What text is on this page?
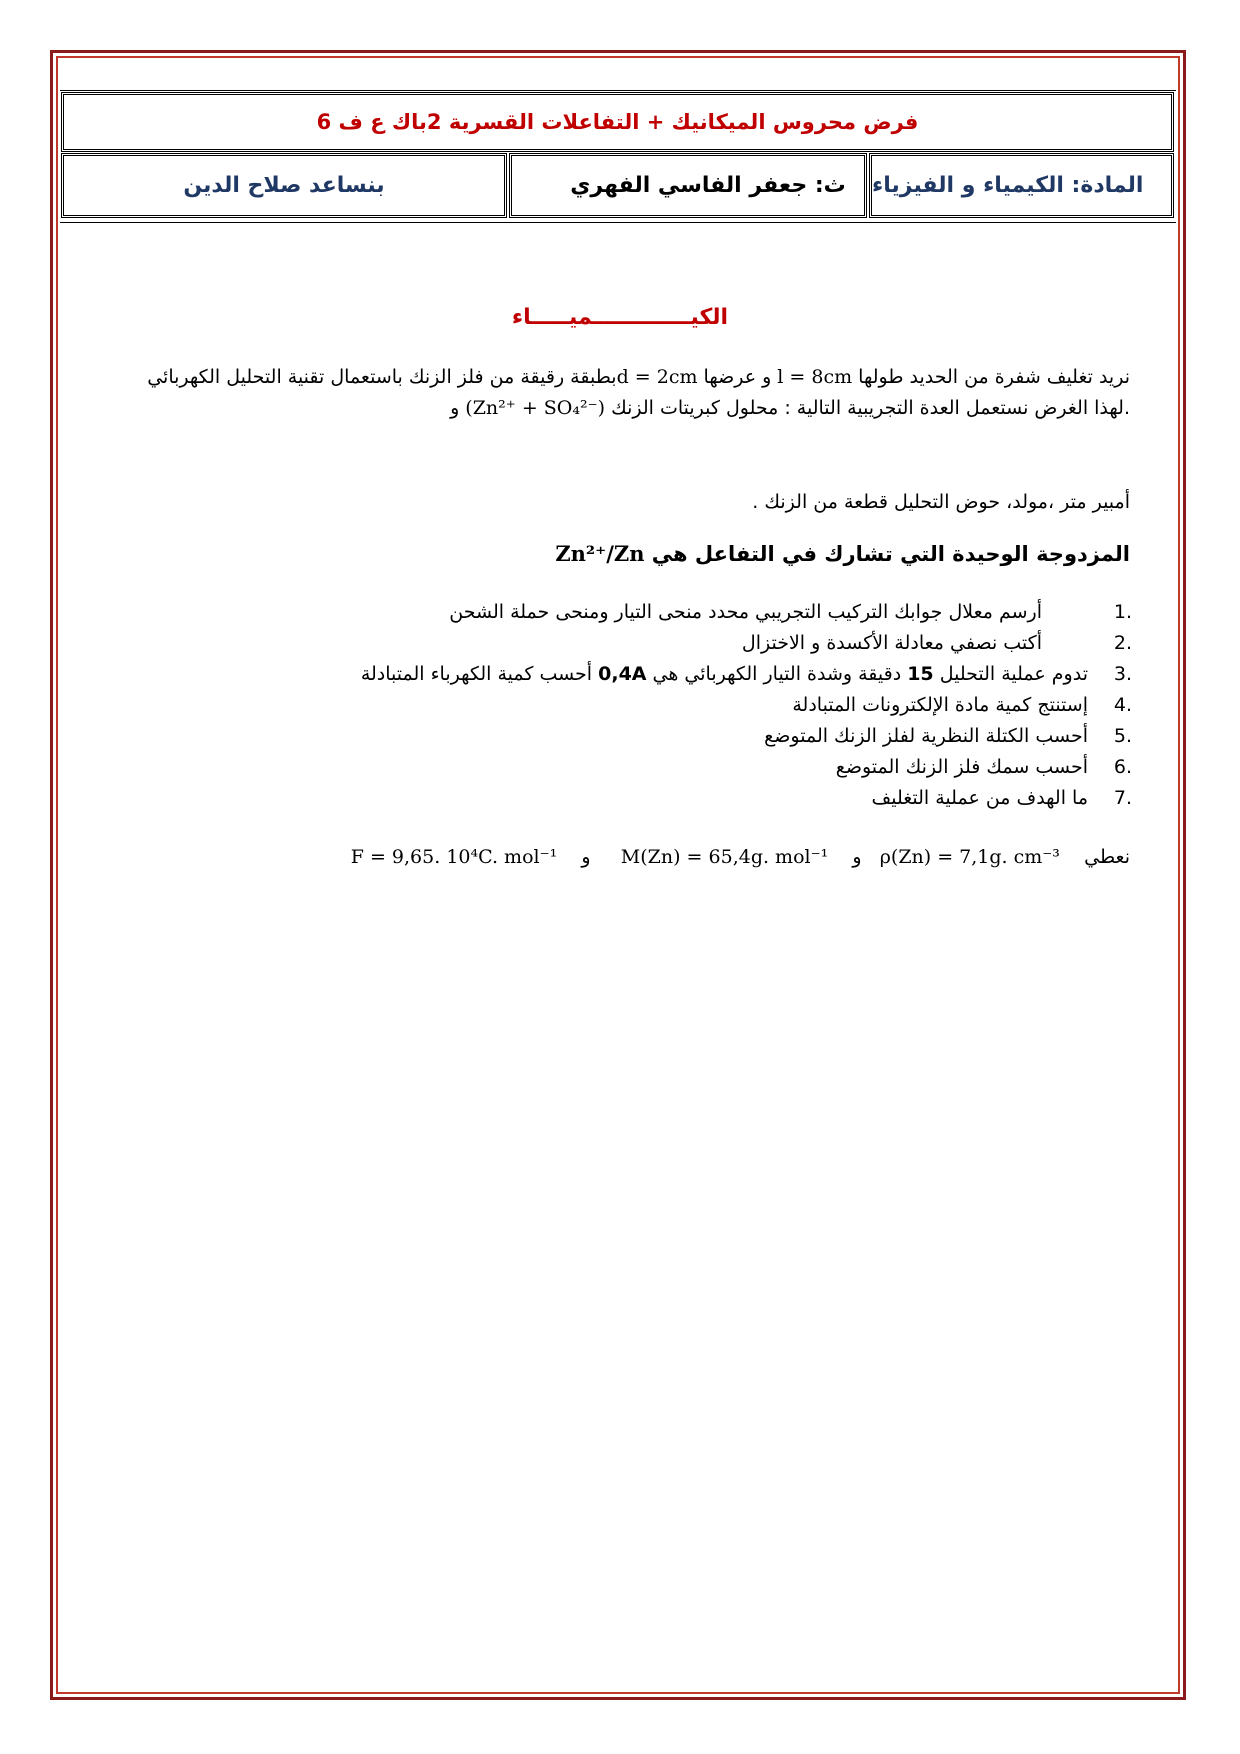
فرض محروس الميكانيك + التفاعلات القسرية 2باك ع ف 6
المادة: الكيمياء و الفيزياء
ث: جعفر الفاسي الفهري
بنساعد صلاح الدين
الكيـــــــــــــميـــــاء
نريد تغليف شفرة من الحديد طولها l = 8cm و عرضها d = 2cmبطبقة رقيقة من فلز الزنك باستعمال تقنية التحليل الكهربائي .لهذا الغرض نستعمل العدة التجريبية التالية : محلول كبريتات الزنك (Zn²⁺ + SO₄²⁻) و
أمبير متر ،مولد، حوض التحليل قطعة من الزنك .
المزدوجة الوحيدة التي تشارك في التفاعل هي Zn²⁺/Zn
1.
أرسم معلال جوابك التركيب التجريبي محدد منحى التيار ومنحى حملة الشحن
2.
أكتب نصفي معادلة الأكسدة و الاختزال
3.
تدوم عملية التحليل 15 دقيقة وشدة التيار الكهربائي هي 0,4A أحسب كمية الكهرباء المتبادلة
4.
إستنتج كمية مادة الإلكترونات المتبادلة
5.
أحسب الكتلة النظرية لفلز الزنك المتوضع
6.
أحسب سمك فلز الزنك المتوضع
7.
ما الهدف من عملية التغليف
نعطي    ρ(Zn) = 7,1g. cm⁻³   و    M(Zn) = 65,4g. mol⁻¹     و    F = 9,65. 10⁴C. mol⁻¹
